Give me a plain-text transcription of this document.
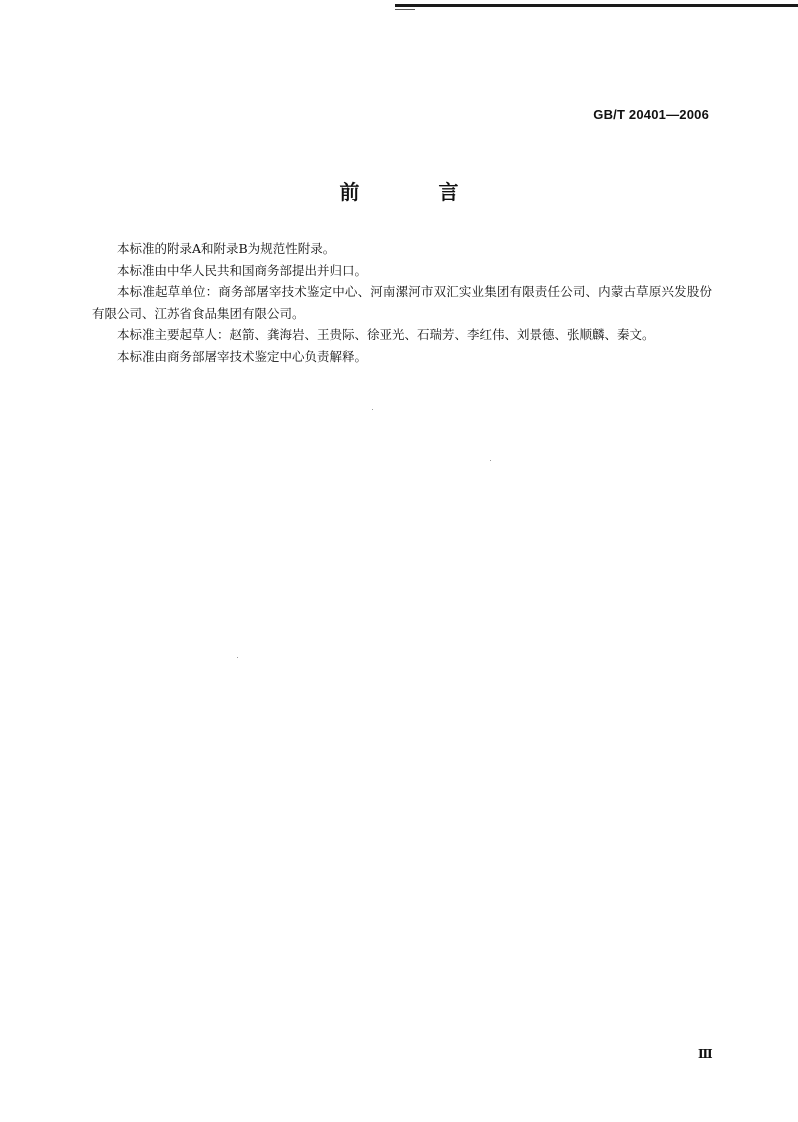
GB/T 20401—2006
前 言

本标准的附录A和附录B为规范性附录。

本标准由中华人民共和国商务部提出并归口。

本标准起草单位：商务部屠宰技术鉴定中心、河南漯河市双汇实业集团有限责任公司、内蒙古草原兴发股份有限公司、江苏省食品集团有限公司。

本标准主要起草人：赵箭、龚海岩、王贵际、徐亚光、石瑞芳、李红伟、刘景德、张顺麟、秦文。

本标准由商务部屠宰技术鉴定中心负责解释。

Ⅲ
